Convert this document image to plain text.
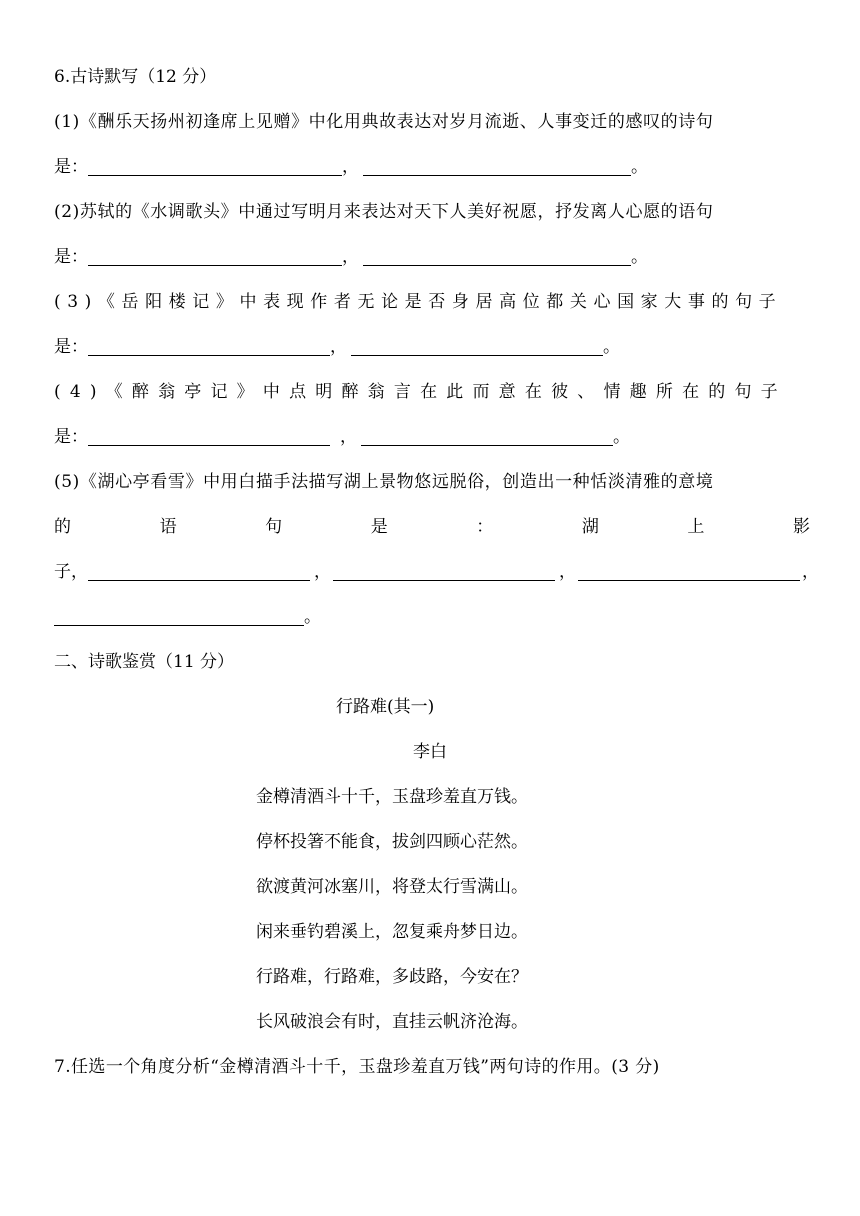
6.古诗默写（12 分）
(1)《酬乐天扬州初逢席上见赠》中化用典故表达对岁月流逝、人事变迁的感叹的诗句
是：	，	。
(2)苏轼的《水调歌头》中通过写明月来表达对天下人美好祝愿，抒发离人心愿的语句
是：	，	。
(3)《岳阳楼记》中表现作者无论是否身居高位都关心国家大事的句子
是：	，	。
(4)《醉翁亭记》中点明醉翁言在此而意在彼、情趣所在的句子
是：	，	。
(5)《湖心亭看雪》中用白描手法描写湖上景物悠远脱俗，创造出一种恬淡清雅的意境
的	语	句	是	：	湖	上	影
子，	，	，	，
。
二、诗歌鉴赏（11 分）
行路难(其一)
李白
金樽清酒斗十千，玉盘珍羞直万钱。
停杯投箸不能食，拔剑四顾心茫然。
欲渡黄河冰塞川，将登太行雪满山。
闲来垂钓碧溪上，忽复乘舟梦日边。
行路难，行路难，多歧路，今安在？
长风破浪会有时，直挂云帆济沧海。
7.任选一个角度分析“金樽清酒斗十千，玉盘珍羞直万钱”两句诗的作用。(3 分)
